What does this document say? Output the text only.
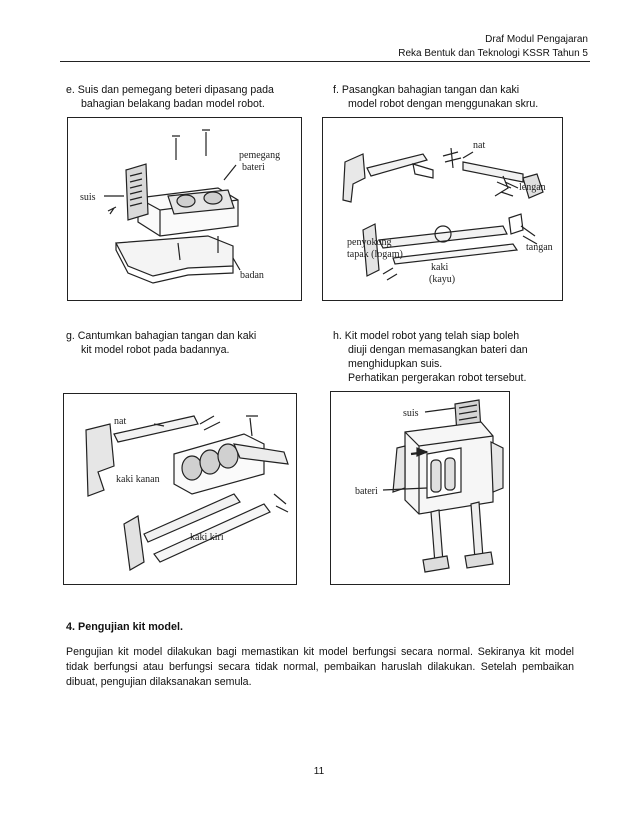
Draf Modul Pengajaran
Reka Bentuk dan Teknologi KSSR Tahun 5
e. Suis dan pemegang beteri dipasang pada
bahagian belakang badan model robot.
pemegang
bateri
suis
badan
f. Pasangkan bahagian tangan dan kaki
model robot dengan menggunakan skru.
nat
lengan
tangan
penyokong
tapak (logam)
kaki
(kayu)
g. Cantumkan bahagian tangan dan kaki
kit model robot pada badannya.
nat
kaki kanan
kaki kiri
h. Kit model robot yang telah siap boleh
diuji dengan memasangkan bateri dan
menghidupkan suis.
Perhatikan pergerakan robot tersebut.
suis
bateri
4. Pengujian kit model.
Pengujian kit model dilakukan bagi memastikan kit model berfungsi secara normal. Sekiranya kit model tidak berfungsi atau berfungsi secara tidak normal, pembaikan haruslah dilakukan. Setelah pembaikan dibuat, pengujian dilaksanakan semula.
11
